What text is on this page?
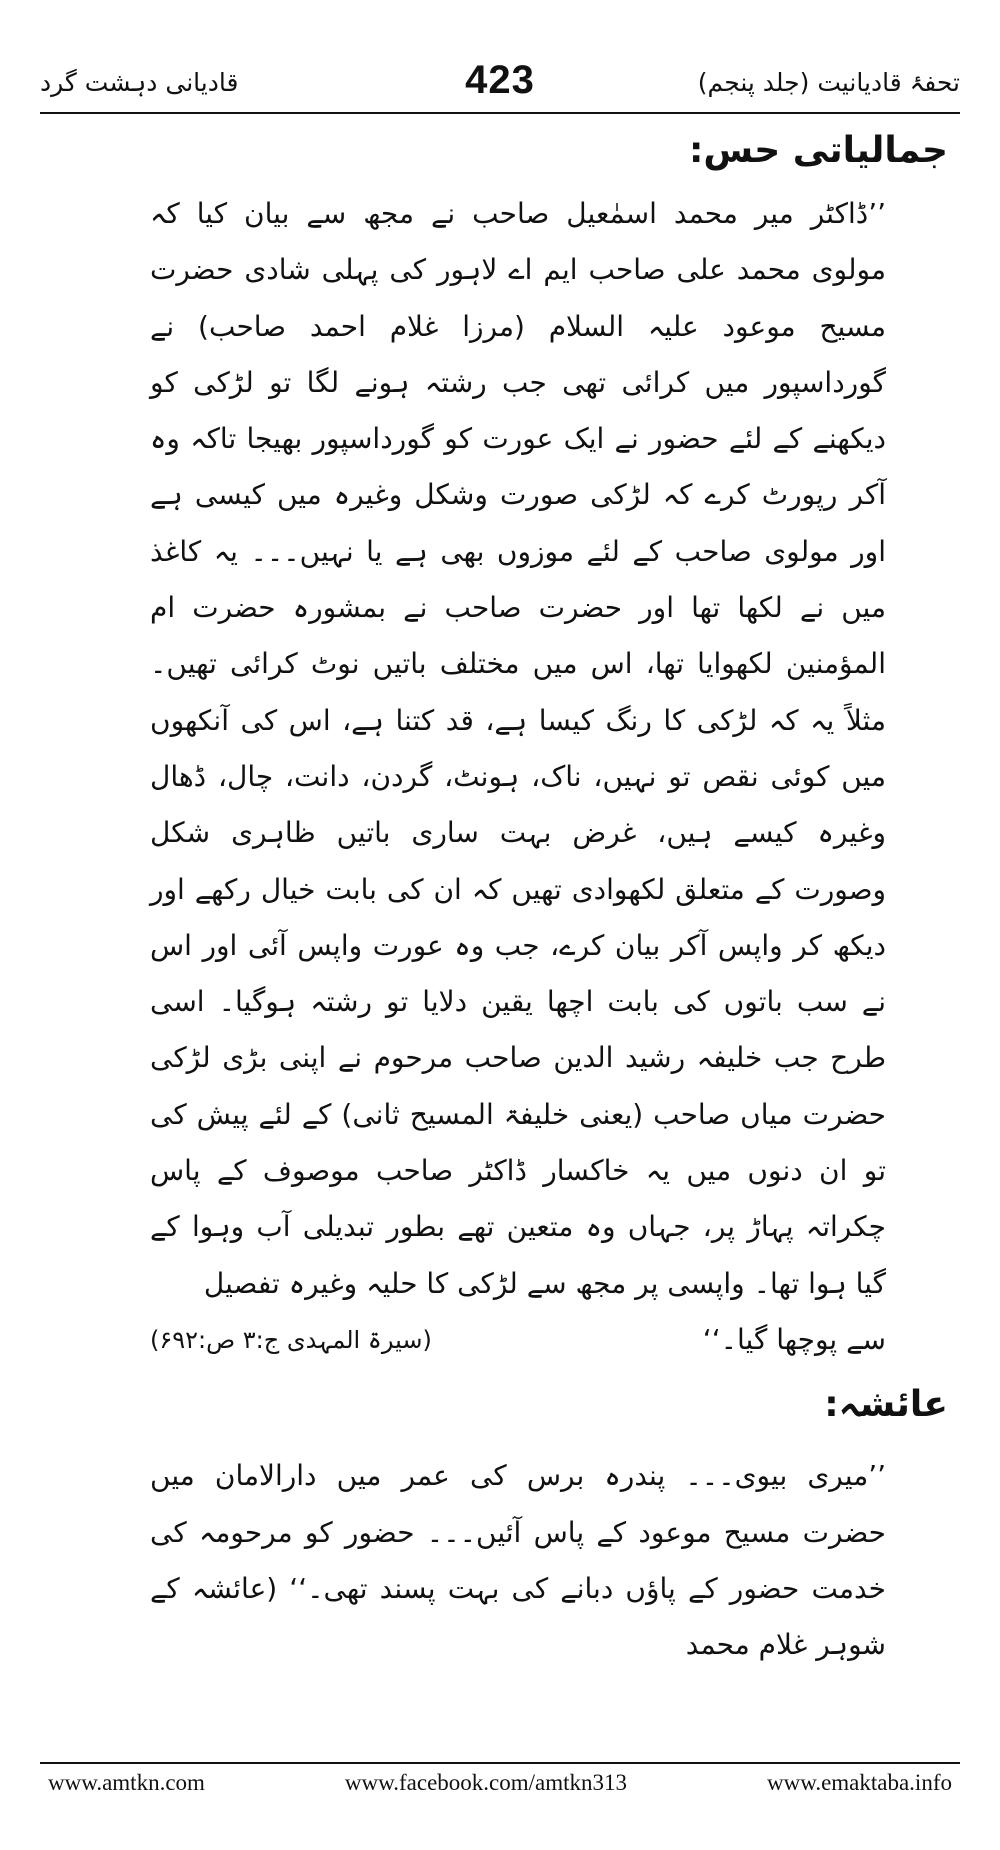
قادیانی دہشت گرد	423	تحفۂ قادیانیت (جلد پنجم)
جمالیاتی حس:

’’ڈاکٹر میر محمد اسمٰعیل صاحب نے مجھ سے بیان کیا کہ مولوی محمد علی صاحب ایم اے لاہور کی پہلی شادی حضرت مسیح موعود علیہ السلام (مرزا غلام احمد صاحب) نے گورداسپور میں کرائی تھی جب رشتہ ہونے لگا تو لڑکی کو دیکھنے کے لئے حضور نے ایک عورت کو گورداسپور بھیجا تاکہ وہ آکر رپورٹ کرے کہ لڑکی صورت وشکل وغیرہ میں کیسی ہے اور مولوی صاحب کے لئے موزوں بھی ہے یا نہیں۔۔۔ یہ کاغذ میں نے لکھا تھا اور حضرت صاحب نے بمشورہ حضرت ام المؤمنین لکھوایا تھا، اس میں مختلف باتیں نوٹ کرائی تھیں۔ مثلاً یہ کہ لڑکی کا رنگ کیسا ہے، قد کتنا ہے، اس کی آنکھوں میں کوئی نقص تو نہیں، ناک، ہونٹ، گردن، دانت، چال، ڈھال وغیرہ کیسے ہیں، غرض بہت ساری باتیں ظاہری شکل وصورت کے متعلق لکھوادی تھیں کہ ان کی بابت خیال رکھے اور دیکھ کر واپس آکر بیان کرے، جب وہ عورت واپس آئی اور اس نے سب باتوں کی بابت اچھا یقین دلایا تو رشتہ ہوگیا۔ اسی طرح جب خلیفہ رشید الدین صاحب مرحوم نے اپنی بڑی لڑکی حضرت میاں صاحب (یعنی خلیفۃ المسیح ثانی) کے لئے پیش کی تو ان دنوں میں یہ خاکسار ڈاکٹر صاحب موصوف کے پاس چکراتہ پہاڑ پر، جہاں وہ متعین تھے بطور تبدیلی آب وہوا کے گیا ہوا تھا۔ واپسی پر مجھ سے لڑکی کا حلیہ وغیرہ تفصیل

سے پوچھا گیا۔‘‘
(سیرۃ المہدی ج:۳ ص:۶۹۲)
عائشہ:

’’میری بیوی۔۔۔ پندرہ برس کی عمر میں دارالامان میں حضرت مسیح موعود کے پاس آئیں۔۔۔ حضور کو مرحومہ کی خدمت حضور کے پاؤں دبانے کی بہت پسند تھی۔‘‘ (عائشہ کے شوہر غلام محمد

www.amtkn.com	www.facebook.com/amtkn313	www.emaktaba.info
